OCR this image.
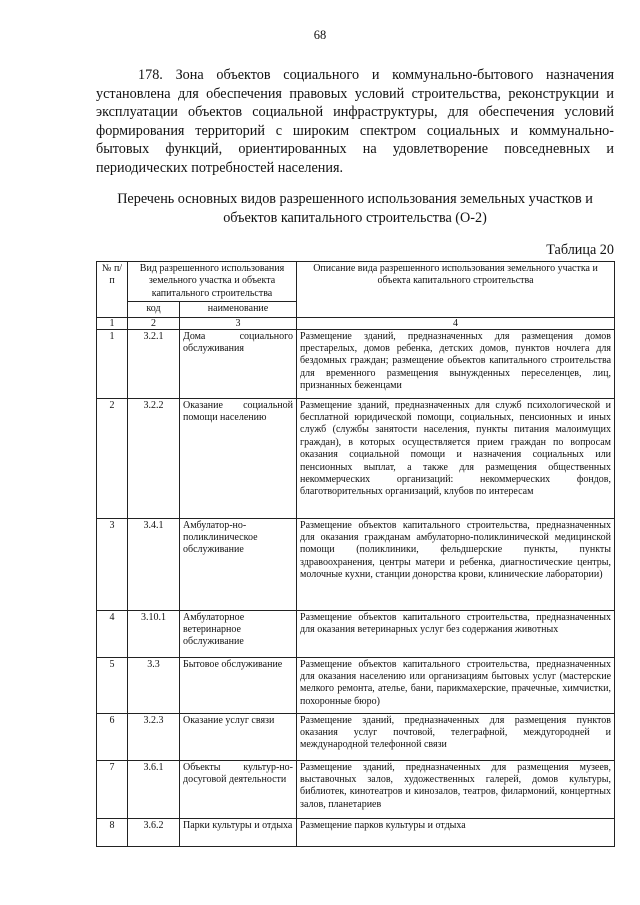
68

178. Зона объектов социального и коммунально-бытового назначения установлена для обеспечения правовых условий строительства, реконструкции и эксплуатации объектов социальной инфраструктуры, для обеспечения условий формирования территорий с широким спектром социальных и коммунально-бытовых функций, ориентированных на удовлетворение повседневных и периодических потребностей населения.

Перечень основных видов разрешенного использования земельных участков и объектов капитального строительства (О-2)

Таблица 20
№ п/п	Вид разрешенного использования земельного участка и объекта капитального строительства		Описание вида разрешенного использования земельного участка и объекта капитального строительства
	код	наименование	
1	2	3	4
1	3.2.1	Дома социального обслуживания	Размещение зданий, предназначенных для размещения домов престарелых, домов ребенка, детских домов, пунктов ночлега для бездомных граждан; размещение объектов капитального строительства для временного размещения вынужденных переселенцев, лиц, признанных беженцами
2	3.2.2	Оказание социальной помощи населению	Размещение зданий, предназначенных для служб психологической и бесплатной юридической помощи, социальных, пенсионных и иных служб (службы занятости населения, пункты питания малоимущих граждан), в которых осуществляется прием граждан по вопросам оказания социальной помощи и назначения социальных или пенсионных выплат, а также для размещения общественных некоммерческих организаций: некоммерческих фондов, благотворительных организаций, клубов по интересам
3	3.4.1	Амбулатор-но-поликлиническое обслуживание	Размещение объектов капитального строительства, предназначенных для оказания гражданам амбулаторно-поликлинической медицинской помощи (поликлиники, фельдшерские пункты, пункты здравоохранения, центры матери и ребенка, диагностические центры, молочные кухни, станции донорства крови, клинические лаборатории)
4	3.10.1	Амбулаторное ветеринарное обслуживание	Размещение объектов капитального строительства, предназначенных для оказания ветеринарных услуг без содержания животных
5	3.3	Бытовое обслуживание	Размещение объектов капитального строительства, предназначенных для оказания населению или организациям бытовых услуг (мастерские мелкого ремонта, ателье, бани, парикмахерские, прачечные, химчистки, похоронные бюро)
6	3.2.3	Оказание услуг связи	Размещение зданий, предназначенных для размещения пунктов оказания услуг почтовой, телеграфной, междугородней и международной телефонной связи
7	3.6.1	Объекты культур-но-досуговой деятельности	Размещение зданий, предназначенных для размещения музеев, выставочных залов, художественных галерей, домов культуры, библиотек, кинотеатров и кинозалов, театров, филармоний, концертных залов, планетариев
8	3.6.2	Парки культуры и отдыха	Размещение парков культуры и отдыха
